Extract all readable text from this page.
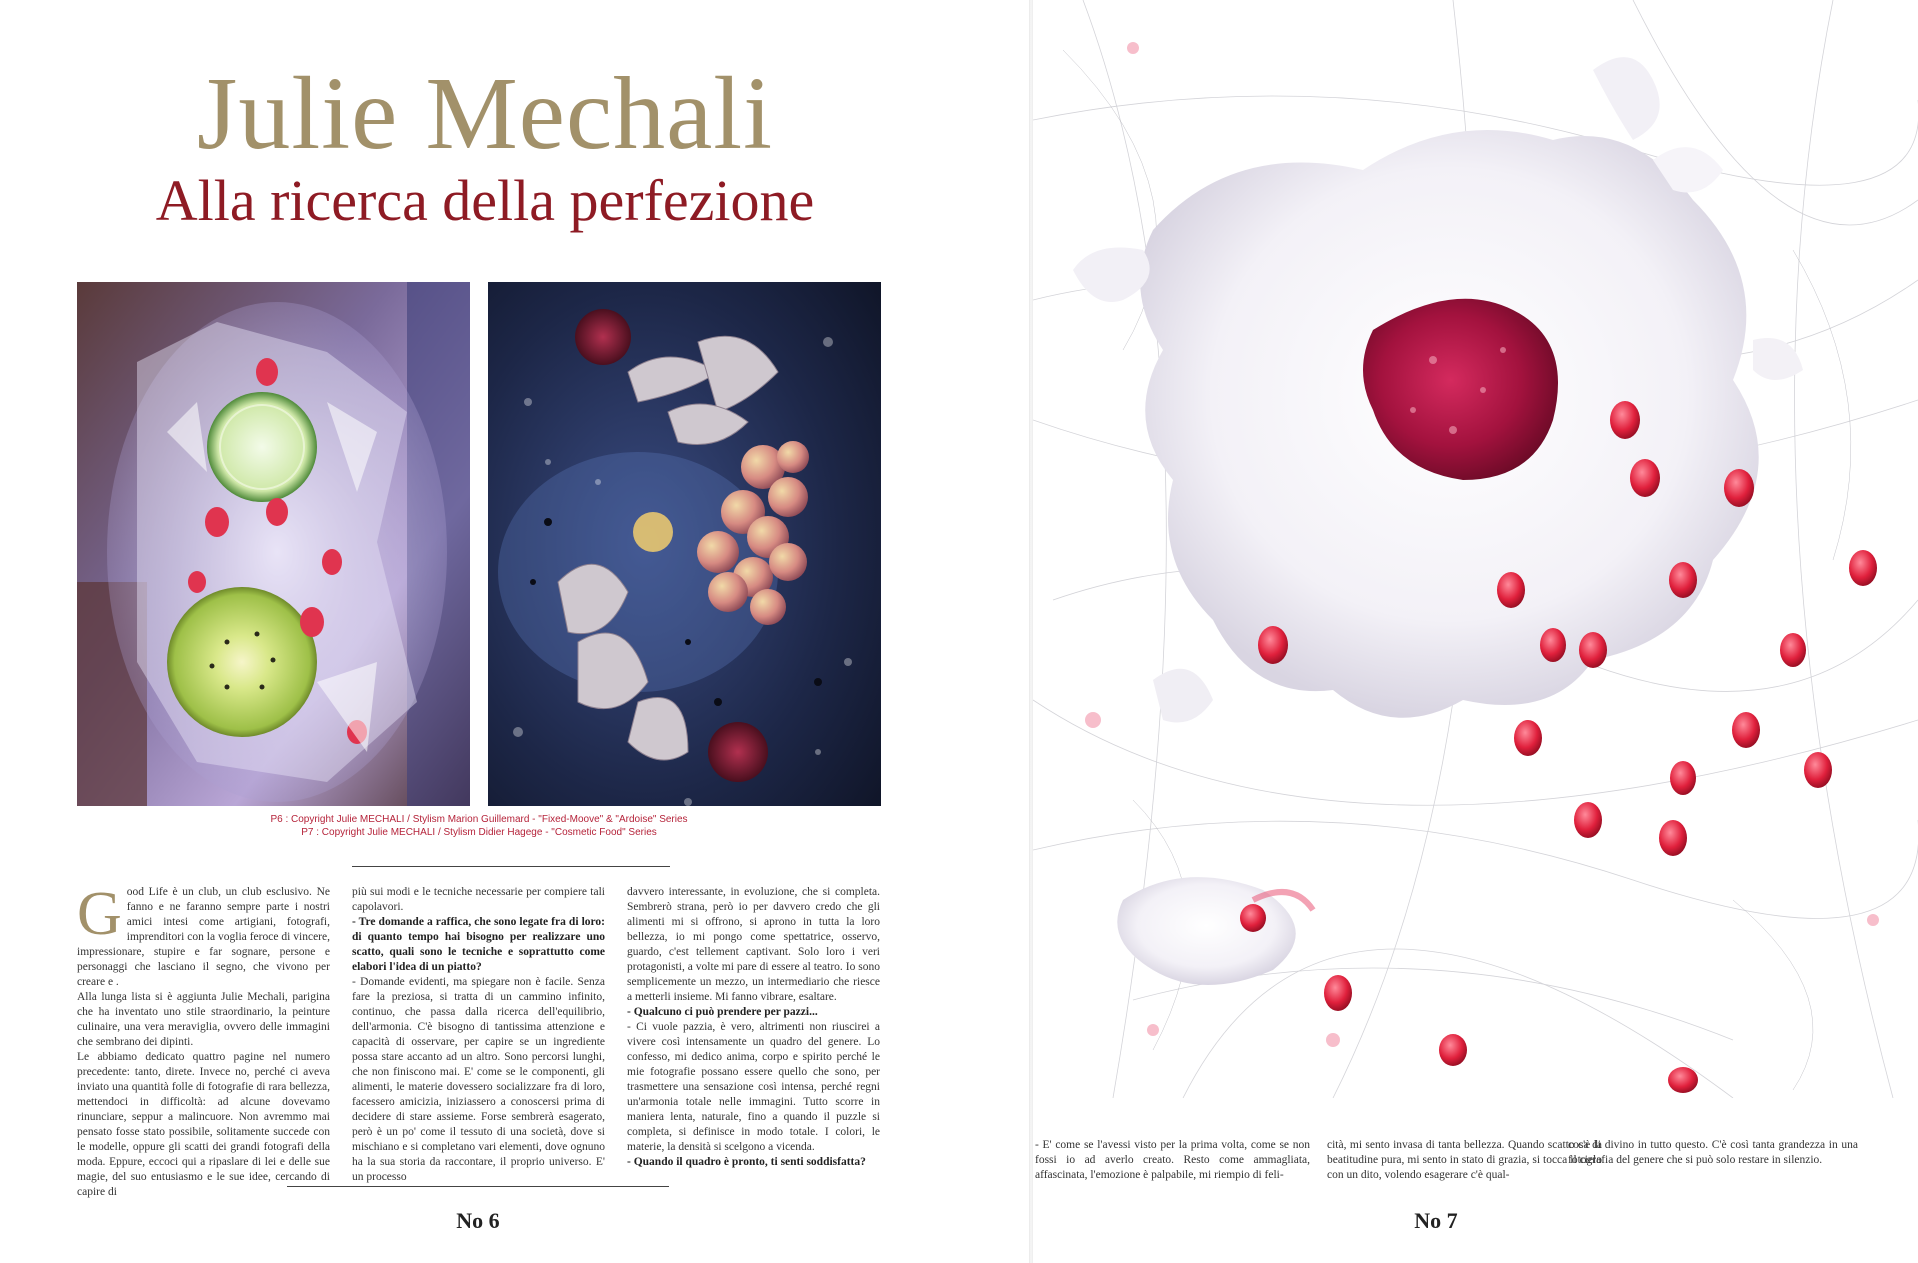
Julie Mechali
Alla ricerca della perfezione
P6 : Copyright Julie MECHALI / Stylism Marion Guillemard - "Fixed-Moove" & "Ardoise" Series
P7 : Copyright Julie MECHALI / Stylism Didier Hagege - "Cosmetic Food" Series

G ood Life è un club, un club esclusivo. Ne fanno e ne faranno sempre parte i nostri amici intesi come artigiani, fotografi, imprenditori con la voglia feroce di vincere, impressionare, stupire e far sognare, persone e personaggi che lasciano il segno, che vivono per creare e .

Alla lunga lista si è aggiunta Julie Mechali, parigina che ha inventato uno stile straordinario, la peinture culinaire, una vera meraviglia, ovvero delle immagini che sembrano dei dipinti.

Le abbiamo dedicato quattro pagine nel numero precedente: tanto, direte. Invece no, perché ci aveva inviato una quantità folle di fotografie di rara bellezza, mettendoci in difficoltà: ad alcune dovevamo rinunciare, seppur a malincuore. Non avremmo mai pensato fosse stato possibile, solitamente succede con le modelle, oppure gli scatti dei grandi fotografi della moda. Eppure, eccoci qui a ripaslare di lei e delle sue magie, del suo entusiasmo e le sue idee, cercando di capire di

più sui modi e le tecniche necessarie per compiere tali capolavori.

- Tre domande a raffica, che sono legate fra di loro: di quanto tempo hai bisogno per realizzare uno scatto, quali sono le tecniche e soprattutto come elabori l'idea di un piatto?

- Domande evidenti, ma spiegare non è facile. Senza fare la preziosa, si tratta di un cammino infinito, continuo, che passa dalla ricerca dell'equilibrio, dell'armonia. C'è bisogno di tantissima attenzione e capacità di osservare, per capire se un ingrediente possa stare accanto ad un altro. Sono percorsi lunghi, che non finiscono mai. E' come se le componenti, gli alimenti, le materie dovessero socializzare fra di loro, facessero amicizia, iniziassero a conoscersi prima di decidere di stare assieme. Forse sembrerà esagerato, però è un po' come il tessuto di una società, dove si mischiano e si completano vari elementi, dove ognuno ha la sua storia da raccontare, il proprio universo. E' un processo

davvero interessante, in evoluzione, che si completa. Sembrerò strana, però io per davvero credo che gli alimenti mi si offrono, si aprono in tutta la loro bellezza, io mi pongo come spettatrice, osservo, guardo, c'est tellement captivant. Solo loro i veri protagonisti, a volte mi pare di essere al teatro. Io sono semplicemente un mezzo, un intermediario che riesce a metterli insieme. Mi fanno vibrare, esaltare.

- Qualcuno ci può prendere per pazzi...

- Ci vuole pazzia, è vero, altrimenti non riuscirei a vivere così intensamente un quadro del genere. Lo confesso, mi dedico anima, corpo e spirito perché le mie fotografie possano essere quello che sono, per trasmettere una sensazione così intensa, perché regni un'armonia totale nelle immagini. Tutto scorre in maniera lenta, naturale, fino a quando il puzzle si completa, si definisce in modo totale. I colori, le materie, la densità si scelgono a vicenda.

- Quando il quadro è pronto, ti senti soddisfatta?

No 6

- E' come se l'avessi visto per la prima volta, come se non fossi io ad averlo creato. Resto come ammagliata, affascinata, l'emozione è palpabile, mi riempio di feli-

cità, mi sento invasa di tanta bellezza. Quando scatto c'è la beatitudine pura, mi sento in stato di grazia, si tocca il cielo con un dito, volendo esagerare c'è qual-

cosa di divino in tutto questo. C'è così tanta grandezza in una fotografia del genere che si può solo restare in silenzio.

No 7
